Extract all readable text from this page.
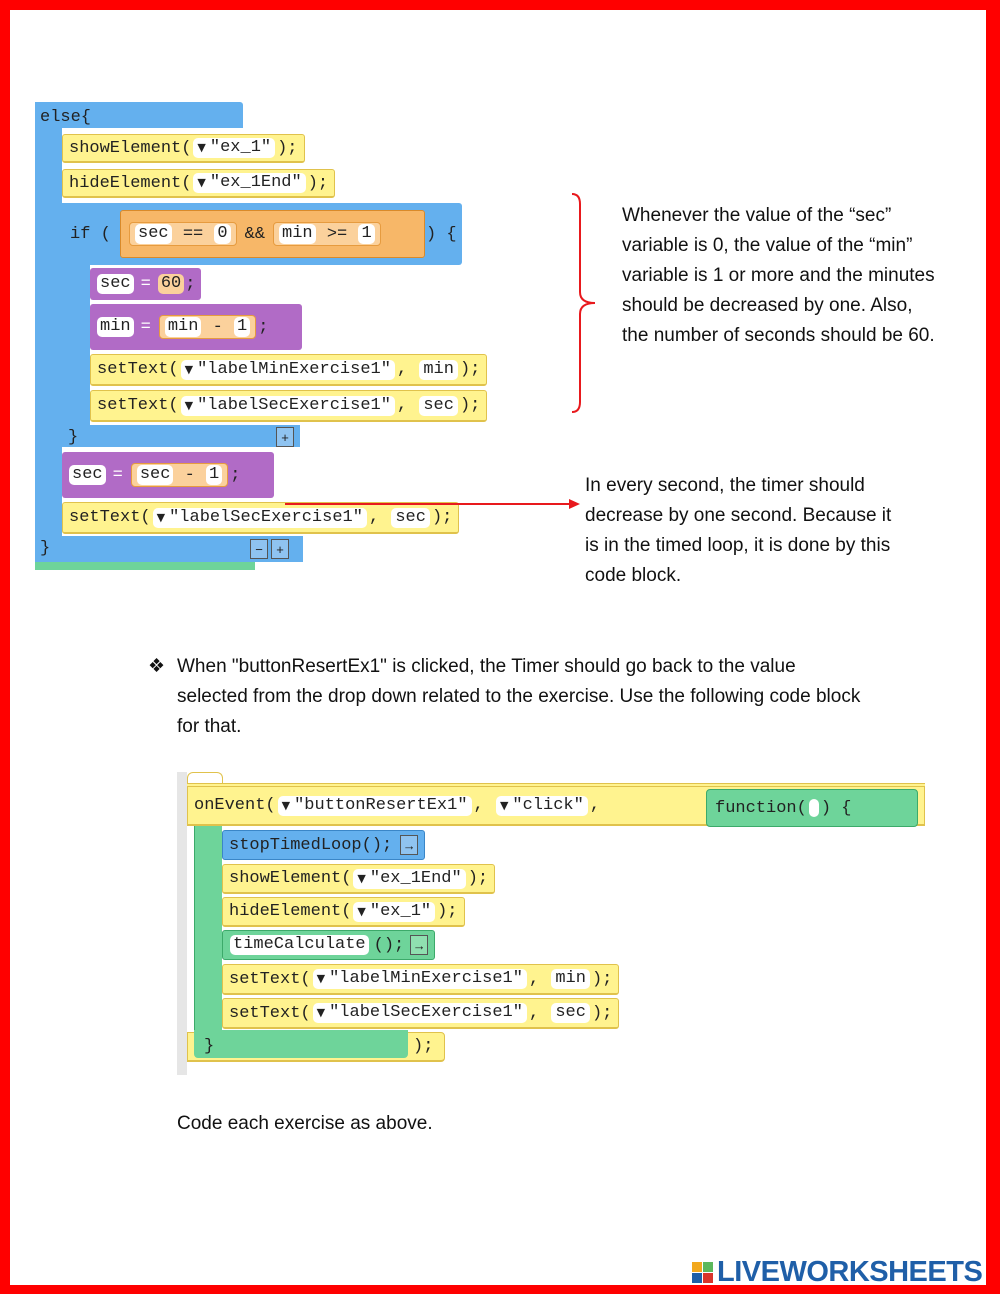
else{
showElement( ▼ "ex_1" );
hideElement( ▼ "ex_1End" );
if ( sec
==
0 && min
>=
1	) {
sec = 60 ;
min = min
-
1 ;
setText( ▼ "labelMinExercise1" ,
min );
setText( ▼ "labelSecExercise1" ,
sec );
}	+
sec = sec
-
1 ;
setText( ▼ "labelSecExercise1" ,
sec );
}	−	+
Whenever the value of the “sec” variable is 0, the value of the “min” variable is 1 or more and the minutes should be decreased by one. Also, the number of seconds should be 60.
In every second, the timer should decrease by one second. Because it is in the timed loop, it is done by this code block.
❖ When "buttonResertEx1" is clicked, the Timer should go back to the value selected from the drop down related to the exercise. Use the following code block for that.
onEvent( ▼ "buttonResertEx1" ,
▼ "click" ,	function( ) {
}	);
stopTimedLoop(); →
showElement( ▼ "ex_1End" );
hideElement( ▼ "ex_1" );
timeCalculate (); →
setText( ▼ "labelMinExercise1" ,
min );
setText( ▼ "labelSecExercise1" ,
sec );
Code each exercise as above.
LIVEWORKSHEETS
